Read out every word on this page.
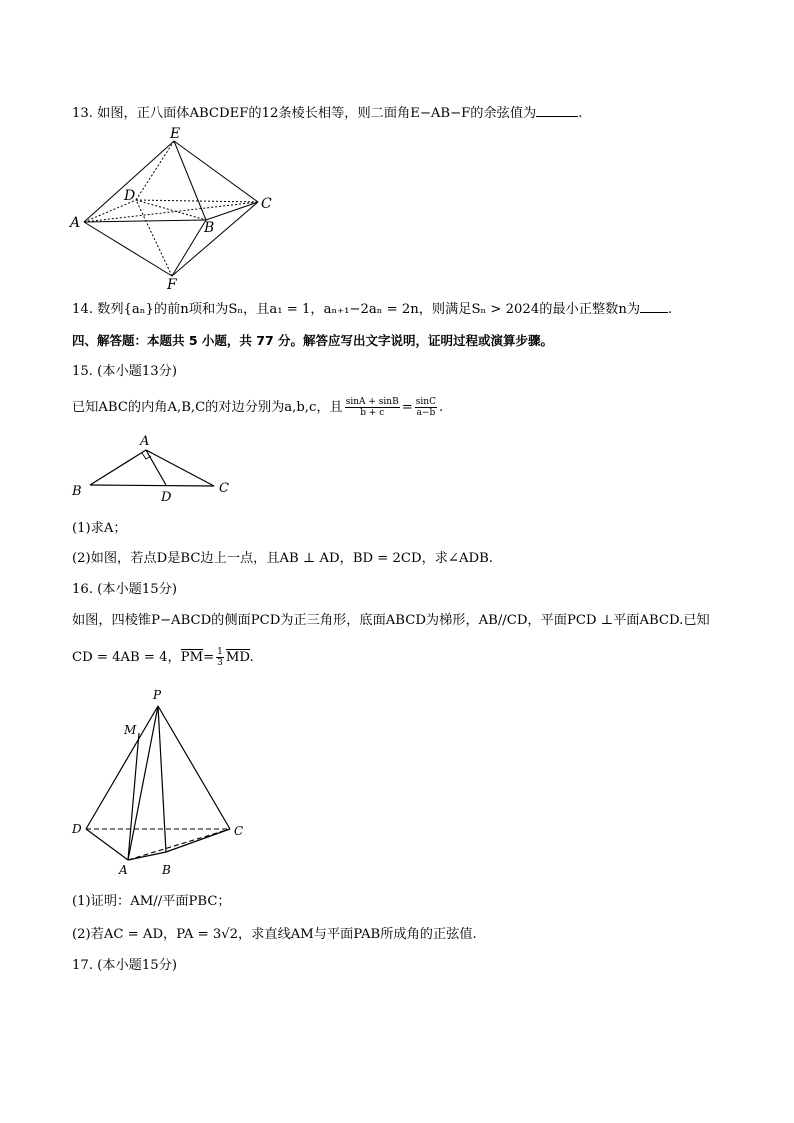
13. 如图，正八面体ABCDEF的12条棱长相等，则二面角E−AB−F的余弦值为	.
E
D	C
A	B
F
14. 数列{aₙ}的前n项和为Sₙ，且a₁ = 1，aₙ₊₁−2aₙ = 2n，则满足Sₙ > 2024的最小正整数n为 .
四、解答题：本题共 5 小题，共 77 分。解答应写出文字说明，证明过程或演算步骤。
15. (本小题13分)
已知ABC的内角A,B,C的对边分别为a,b,c，且 $\frac{\sin A + \sin B}{b + c} = \frac{\sin C}{a-b}$ .
A
B	C
D
(1)求A；
(2)如图，若点D是BC边上一点，且AB ⊥ AD，BD = 2CD，求∠ADB.
16. (本小题15分)
如图，四棱锥P−ABCD的侧面PCD为正三角形，底面ABCD为梯形，AB//CD，平面PCD ⊥平面ABCD.已知
CD = 4AB = 4，$PM= \frac{1}{3}$ MD.
P
M
D	C
A	B
(1)证明：AM//平面PBC；
(2)若AC = AD，PA = 3√2，求直线AM与平面PAB所成角的正弦值.
17. (本小题15分)
